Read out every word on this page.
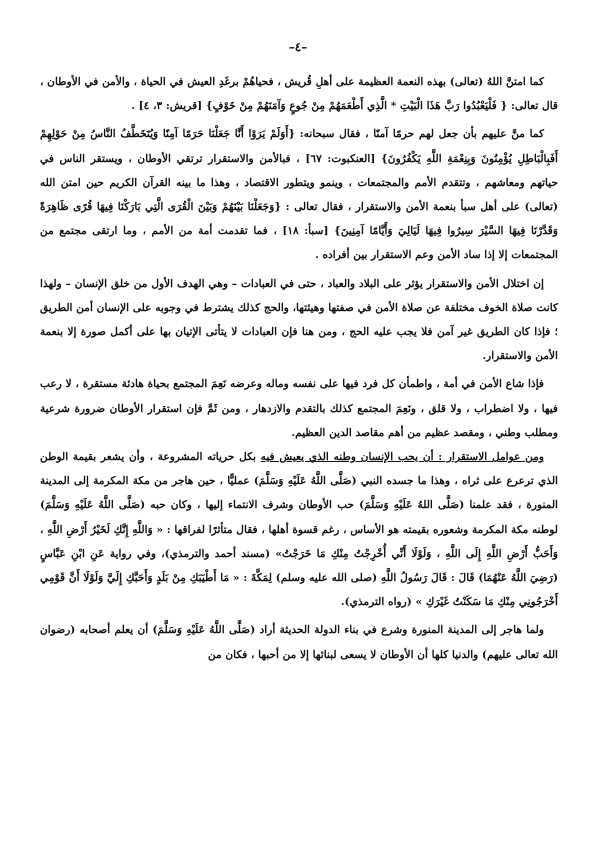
–٤–

كما امتنَّ اللهُ (تعالى) بهذه النعمة العظيمة على أهلِ قُريش ، فحياهُمْ برغَدِ العيش في الحياة ، والأمن في الأوطان ، قال تعالى: { فَلْيَعْبُدُوا رَبَّ هَذَا الْبَيْتِ * الَّذِي أَطْعَمَهُمْ مِنْ جُوعٍ وَآمَنَهُمْ مِنْ خَوْفٍ} [قريش: ٣، ٤] .

كما منَّ عليهم بأن جعل لهم حرمًا آمنًا ، فقال سبحانه: {أَوَلَمْ يَرَوْا أَنَّا جَعَلْنَا حَرَمًا آمِنًا وَيُتَخَطَّفُ النَّاسُ مِنْ حَوْلِهِمْ أَفَبِالْبَاطِلِ يُؤْمِنُونَ وَبِنِعْمَةِ اللَّهِ يَكْفُرُونَ} [العنكبوت: ٦٧] ، فبالأمن والاستقرار ترتقي الأوطان ، ويستقر الناس في حياتهم ومعاشهم ، وتتقدم الأمم والمجتمعات ، وينمو ويتطور الاقتصاد ، وهذا ما بينه القرآن الكريم حين امتن الله (تعالى) على أهل سبأ بنعمة الأمن والاستقرار ، فقال تعالى : {وَجَعَلْنَا بَيْنَهُمْ وَبَيْنَ الْقُرَى الَّتِي بَارَكْنَا فِيهَا قُرًى ظَاهِرَةً وَقَدَّرْنَا فِيهَا السَّيْرَ سِيرُوا فِيهَا لَيَالِيَ وَأَيَّامًا آمِنِينَ} [سبأ: ١٨] ، فما تقدمت أمة من الأمم ، وما ارتقى مجتمع من المجتمعات إلا إذا ساد الأمن وعم الاستقرار بين أفراده .

إن اختلال الأمن والاستقرار يؤثر على البلاد والعباد ، حتى في العبادات – وهي الهدف الأول من خلق الإنسان – ولهذا كانت صلاة الخوف مختلفة عن صلاة الأمن في صفتها وهيئتها، والحج كذلك يشترط في وجوبه على الإنسان أمن الطريق ؛ فإذا كان الطريق غير آمن فلا يجب عليه الحج ، ومن هنا فإن العبادات لا يتأتى الإتيان بها على أكمل صورة إلا بنعمة الأمن والاستقرار.

فإذا شاع الأمن في أمة ، واطمأن كل فرد فيها على نفسه وماله وعرضه نَعِمَ المجتمع بحياة هادئة مستقرة ، لا رعب فيها ، ولا اضطراب ، ولا قلق ، ونَعِمَ المجتمع كذلك بالتقدم والازدهار ، ومن ثَمَّ فإن استقرار الأوطان ضرورة شرعية ومطلب وطني ، ومقصد عظيم من أهم مقاصد الدين العظيم.

ومن عوامل الاستقرار : أن يحب الإنسان وطنه الذي يعيش فيه بكل حرياته المشروعة ، وأن يشعر بقيمة الوطن الذي ترعرع على ثراه ، وهذا ما جسده النبي (صَلَّى اللَّهُ عَلَيْهِ وَسَلَّمَ) عمليًّا ، حين هاجر من مكة المكرمة إلى المدينة المنورة ، فقد علمنا (صَلَّى اللهُ عَلَيْهِ وَسَلَّمَ) حب الأوطان وشرف الانتماء إليها ، وكان حبه (صَلَّى اللَّهُ عَلَيْهِ وَسَلَّمَ) لوطنه مكة المكرمة وشعوره بقيمته هو الأساس ، رغم قسوة أهلها ، فقال متأثرًا لفراقها : « وَاللَّهِ إِنَّكِ لَخَيْرُ أَرْضِ اللَّهِ ، وَأَحَبُّ أَرْضِ اللَّهِ إِلَى اللَّهِ ، وَلَوْلَا أَنِّي أُخْرِجْتُ مِنْكِ مَا خَرَجْتُ» (مسند أحمد والترمذي)، وفي رواية عَنِ ابْنِ عَبَّاسٍ (رَضِيَ اللَّهُ عَنْهُمَا) قَالَ : قَالَ رَسُولُ اللَّهِ (صلى الله عليه وسلم) لِمَكَّةَ : « مَا أَطْيَبَكِ مِنْ بَلَدٍ وَأَحَبَّكِ إِلَيَّ وَلَوْلَا أَنَّ قَوْمِي أَخْرَجُونِي مِنْكِ مَا سَكَنْتُ غَيْرَكِ » (رواه الترمذي).

ولما هاجر إلى المدينة المنورة وشرع في بناء الدولة الحديثة أراد (صَلَّى اللَّهُ عَلَيْهِ وَسَلَّمَ) أن يعلم أصحابه (رضوان الله تعالى عليهم) والدنيا كلها أن الأوطان لا يسعى لبنائها إلا من أحبها ، فكان من
